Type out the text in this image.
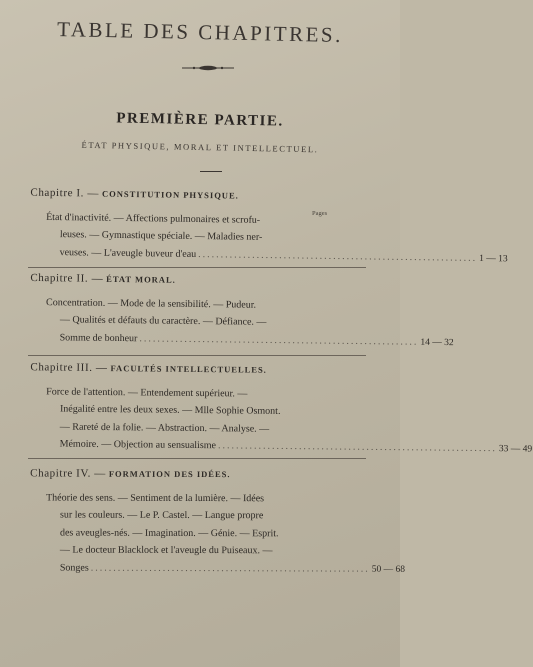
TABLE DES CHAPITRES.
PREMIÈRE PARTIE.
ÉTAT PHYSIQUE, MORAL ET INTELLECTUEL.
Pages
Chapitre I. — CONSTITUTION PHYSIQUE.
État d'inactivité. — Affections pulmonaires et scrofu-
leuses. — Gymnastique spéciale. — Maladies ner-
veuses. — L'aveugle buveur d'eau .............................................................. 1 — 13
Chapitre II. — ÉTAT MORAL.
Concentration. — Mode de la sensibilité. — Pudeur.
— Qualités et défauts du caractère. — Défiance. —
Somme de bonheur .............................................................. 14 — 32
Chapitre III. — FACULTÉS INTELLECTUELLES.
Force de l'attention. — Entendement supérieur. —
Inégalité entre les deux sexes. — Mlle Sophie Osmont.
— Rareté de la folie. — Abstraction. — Analyse. —
Mémoire. — Objection au sensualisme .............................................................. 33 — 49
Chapitre IV. — FORMATION DES IDÉES.
Théorie des sens. — Sentiment de la lumière. — Idées
sur les couleurs. — Le P. Castel. — Langue propre
des aveugles-nés. — Imagination. — Génie. — Esprit.
— Le docteur Blacklock et l'aveugle du Puiseaux. —
Songes .............................................................. 50 — 68
